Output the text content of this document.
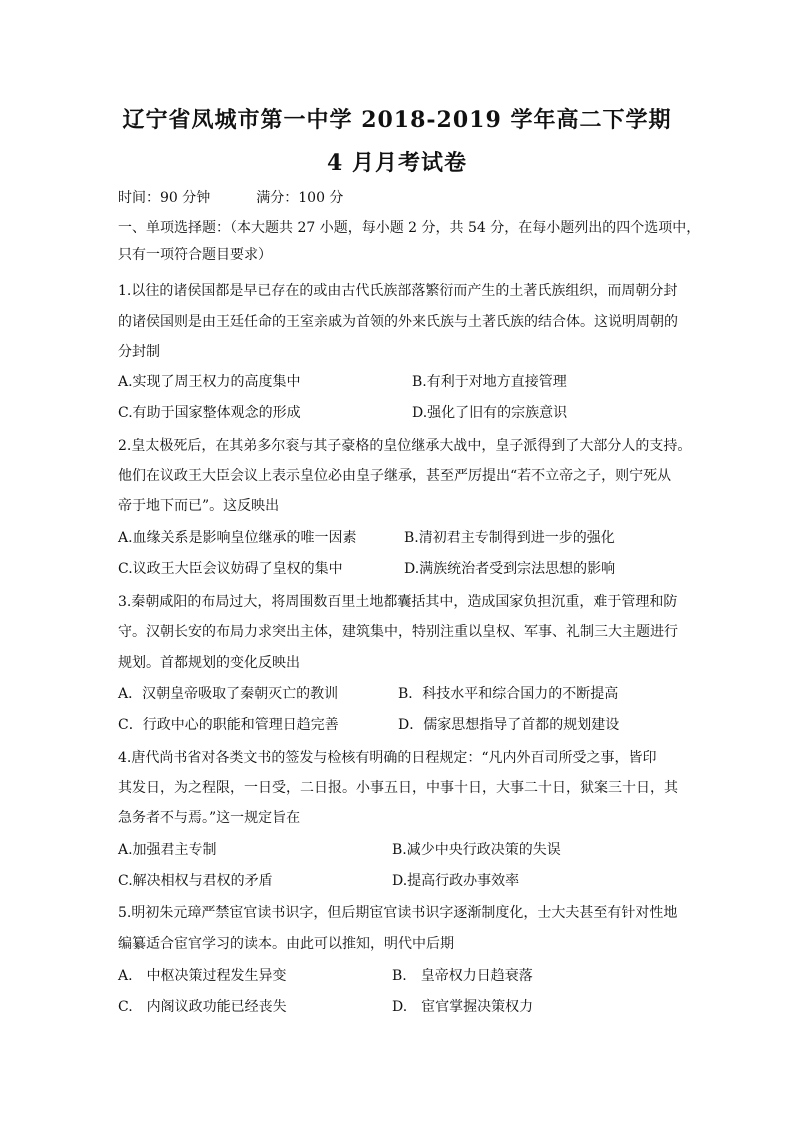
辽宁省凤城市第一中学 2018-2019 学年高二下学期
4 月月考试卷
时间：90 分钟	满分：100 分
一、单项选择题：（本大题共 27 小题，每小题 2 分，共 54 分，在每小题列出的四个选项中，
只有一项符合题目要求）
1.以往的诸侯国都是早已存在的或由古代氏族部落繁衍而产生的土著氏族组织，而周朝分封
的诸侯国则是由王廷任命的王室亲戚为首领的外来氏族与土著氏族的结合体。这说明周朝的
分封制
A.实现了周王权力的高度集中	B.有利于对地方直接管理
C.有助于国家整体观念的形成	D.强化了旧有的宗族意识
2.皇太极死后，在其弟多尔衮与其子豪格的皇位继承大战中，皇子派得到了大部分人的支持。
他们在议政王大臣会议上表示皇位必由皇子继承，甚至严厉提出“若不立帝之子，则宁死从
帝于地下而已”。这反映出
A.血缘关系是影响皇位继承的唯一因素	B.清初君主专制得到进一步的强化
C.议政王大臣会议妨碍了皇权的集中	D.满族统治者受到宗法思想的影响
3.秦朝咸阳的布局过大，将周围数百里土地都囊括其中，造成国家负担沉重，难于管理和防
守。汉朝长安的布局力求突出主体，建筑集中，特别注重以皇权、军事、礼制三大主题进行
规划。首都规划的变化反映出
A．汉朝皇帝吸取了秦朝灭亡的教训	B．科技水平和综合国力的不断提高
C．行政中心的职能和管理日趋完善	D．儒家思想指导了首都的规划建设
4.唐代尚书省对各类文书的签发与检核有明确的日程规定：“凡内外百司所受之事，皆印
其发日，为之程限，一日受，二日报。小事五日，中事十日，大事二十日，狱案三十日，其
急务者不与焉。”这一规定旨在
A.加强君主专制	B.减少中央行政决策的失误
C.解决相权与君权的矛盾	D.提高行政办事效率
5.明初朱元璋严禁宦官读书识字，但后期宦官读书识字逐渐制度化，士大夫甚至有针对性地
编纂适合宦官学习的读本。由此可以推知，明代中后期
A.　中枢决策过程发生异变	B.　皇帝权力日趋衰落
C.　内阁议政功能已经丧失	D.　宦官掌握决策权力
